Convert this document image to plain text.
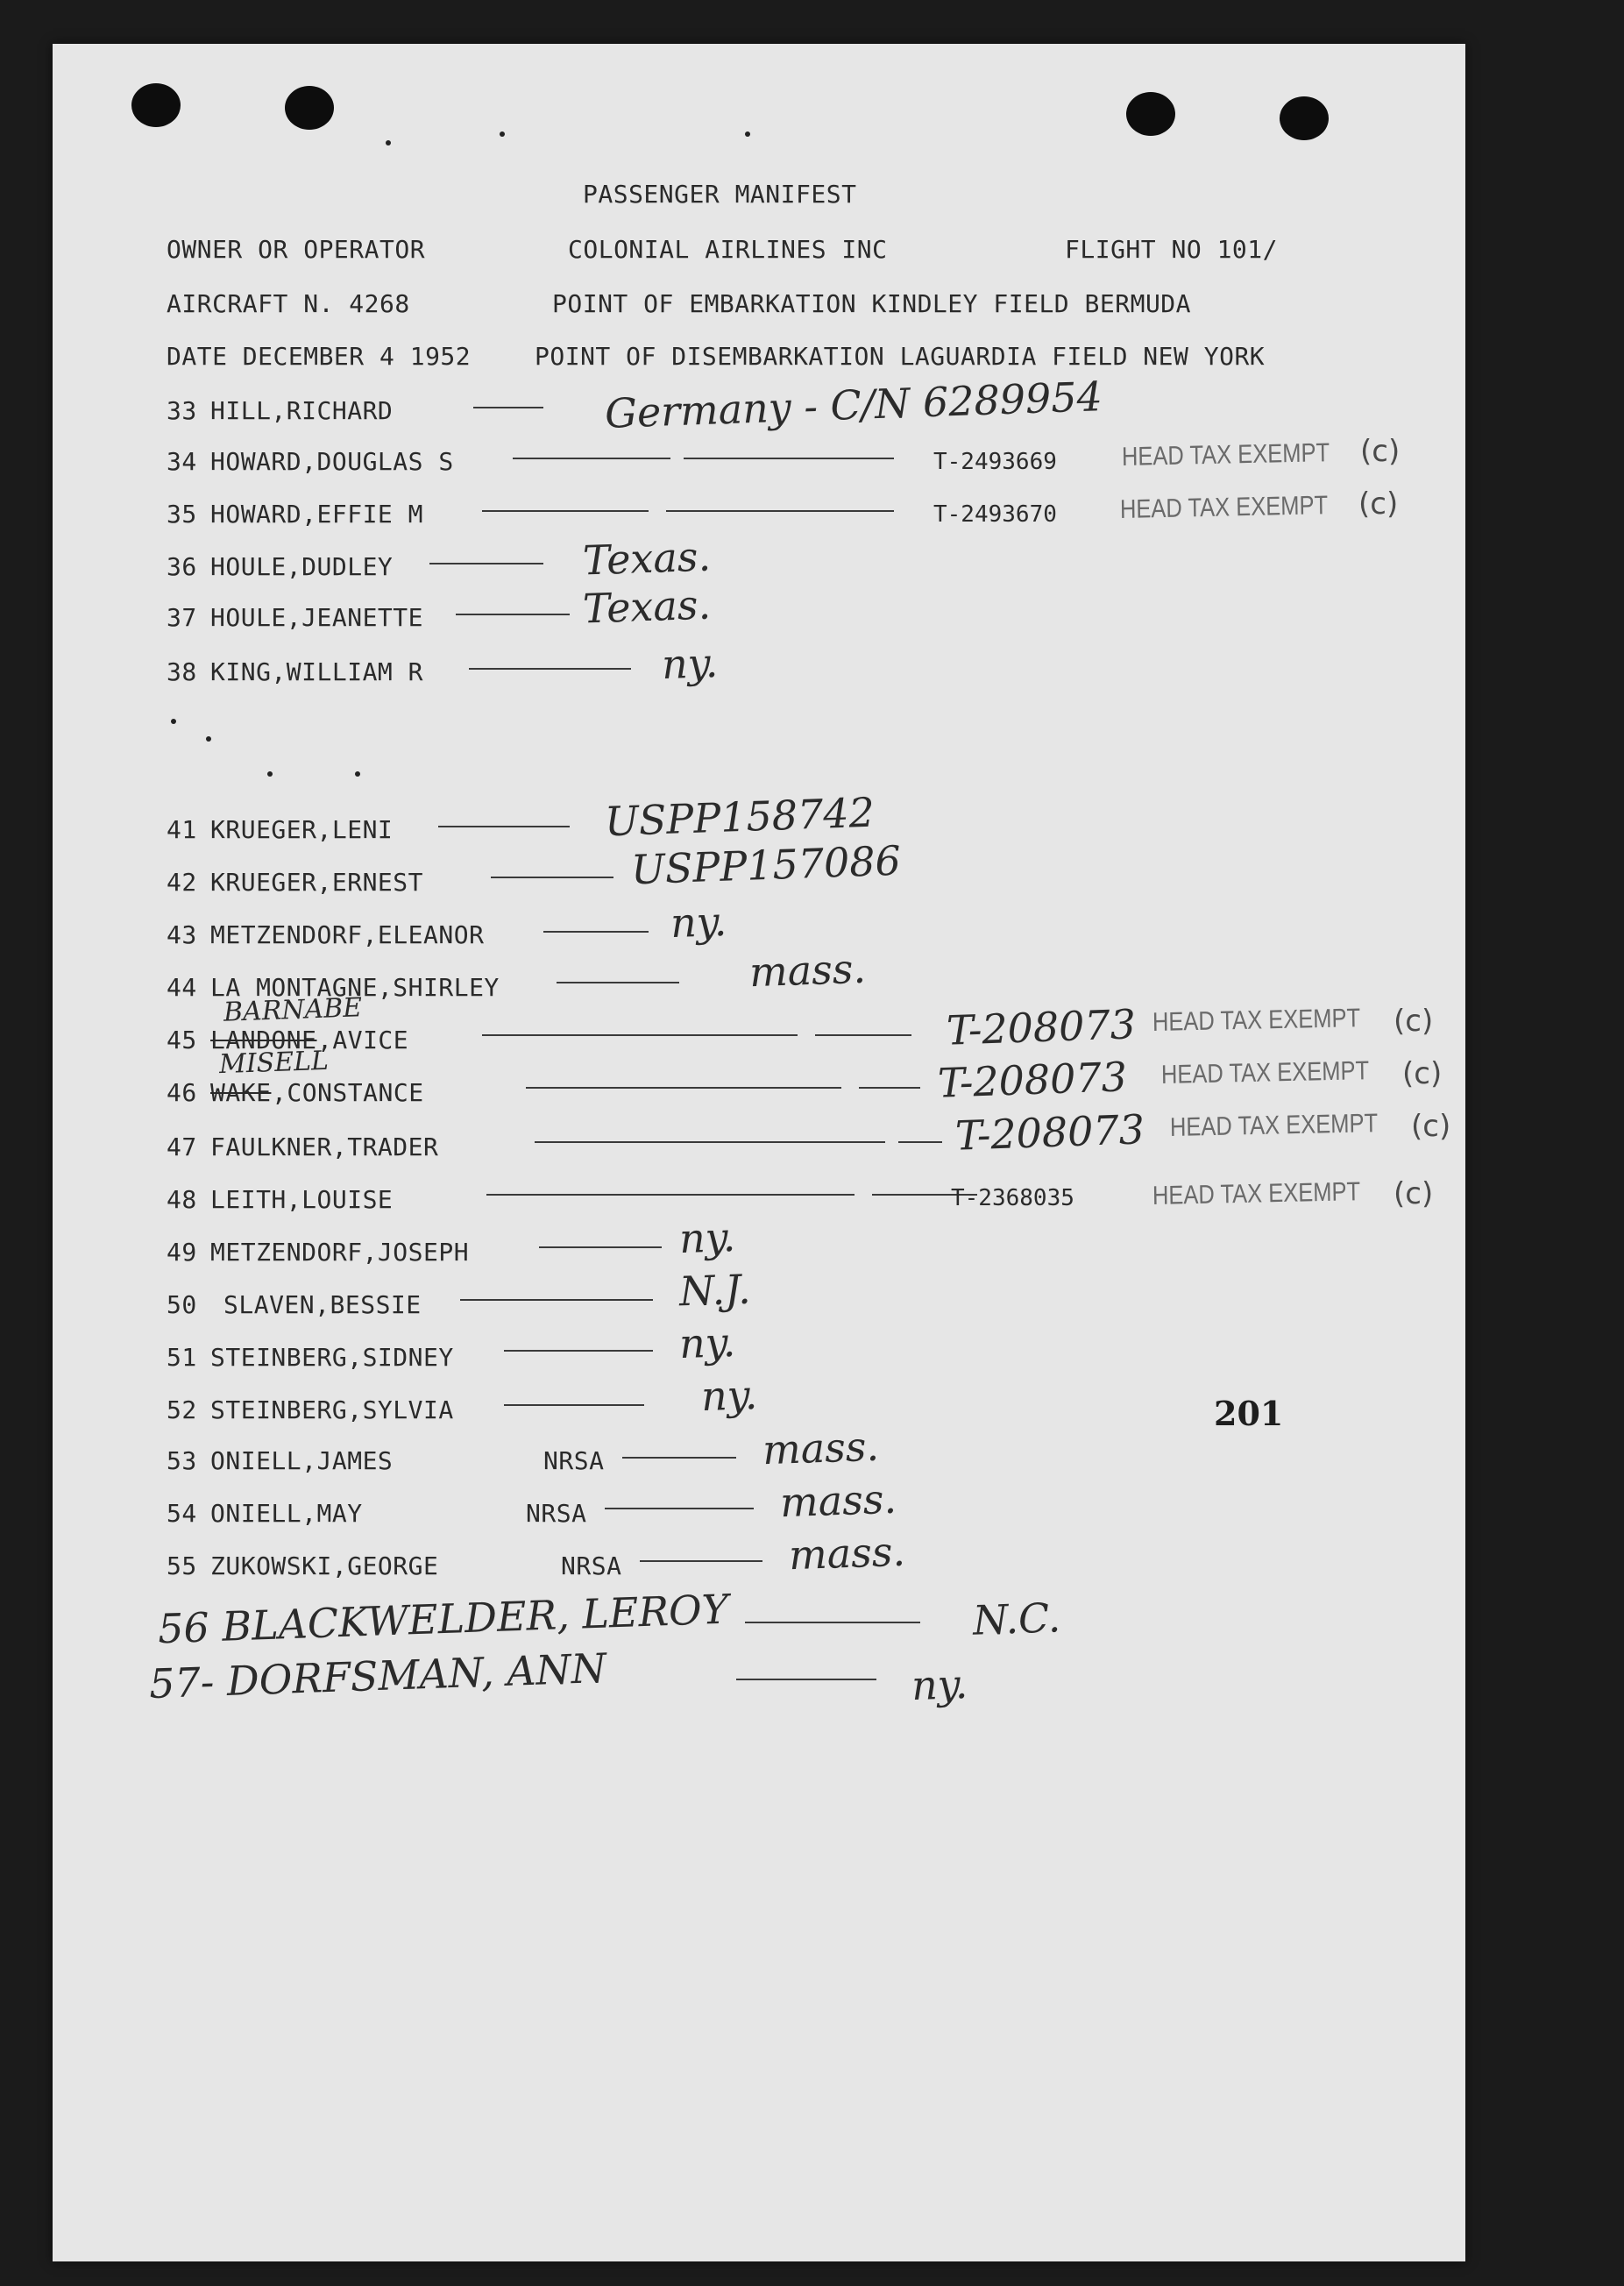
PASSENGER MANIFEST
OWNER OR OPERATOR	COLONIAL AIRLINES INC	FLIGHT NO 101/
AIRCRAFT N. 4268	POINT OF EMBARKATION KINDLEY FIELD BERMUDA
DATE DECEMBER 4 1952	POINT OF DISEMBARKATION LAGUARDIA FIELD NEW YORK
33 HILL,RICHARD	Germany - C/N 6289954
34 HOWARD,DOUGLAS S	T-2493669 HEAD TAX EXEMPT (c)
35 HOWARD,EFFIE M	T-2493670 HEAD TAX EXEMPT (c)
36 HOULE,DUDLEY	Texas.
37 HOULE,JEANETTE	Texas.
38 KING,WILLIAM R	ny.
41 KRUEGER,LENI	USPP158742
42 KRUEGER,ERNEST	USPP157086
43 METZENDORF,ELEANOR	ny.
44 LA MONTAGNE,SHIRLEY	mass.
BARNABE
45 LANDONE ,AVICE	T-208073 HEAD TAX EXEMPT (c)
MISELL
46 WAKE ,CONSTANCE	T-208073 HEAD TAX EXEMPT (c)
47 FAULKNER,TRADER	T-208073 HEAD TAX EXEMPT (c)
48 LEITH,LOUISE	T-2368035	HEAD TAX EXEMPT (c)
49 METZENDORF,JOSEPH	ny.
50 SLAVEN,BESSIE	N.J.
51 STEINBERG,SIDNEY	ny.
52 STEINBERG,SYLVIA	ny.	201
53 ONIELL,JAMES	NRSA	mass.
54 ONIELL,MAY	NRSA	mass.
55 ZUKOWSKI,GEORGE	NRSA	mass.
56 BLACKWELDER, LEROY	N.C.
57- DORFSMAN, ANN	ny.
